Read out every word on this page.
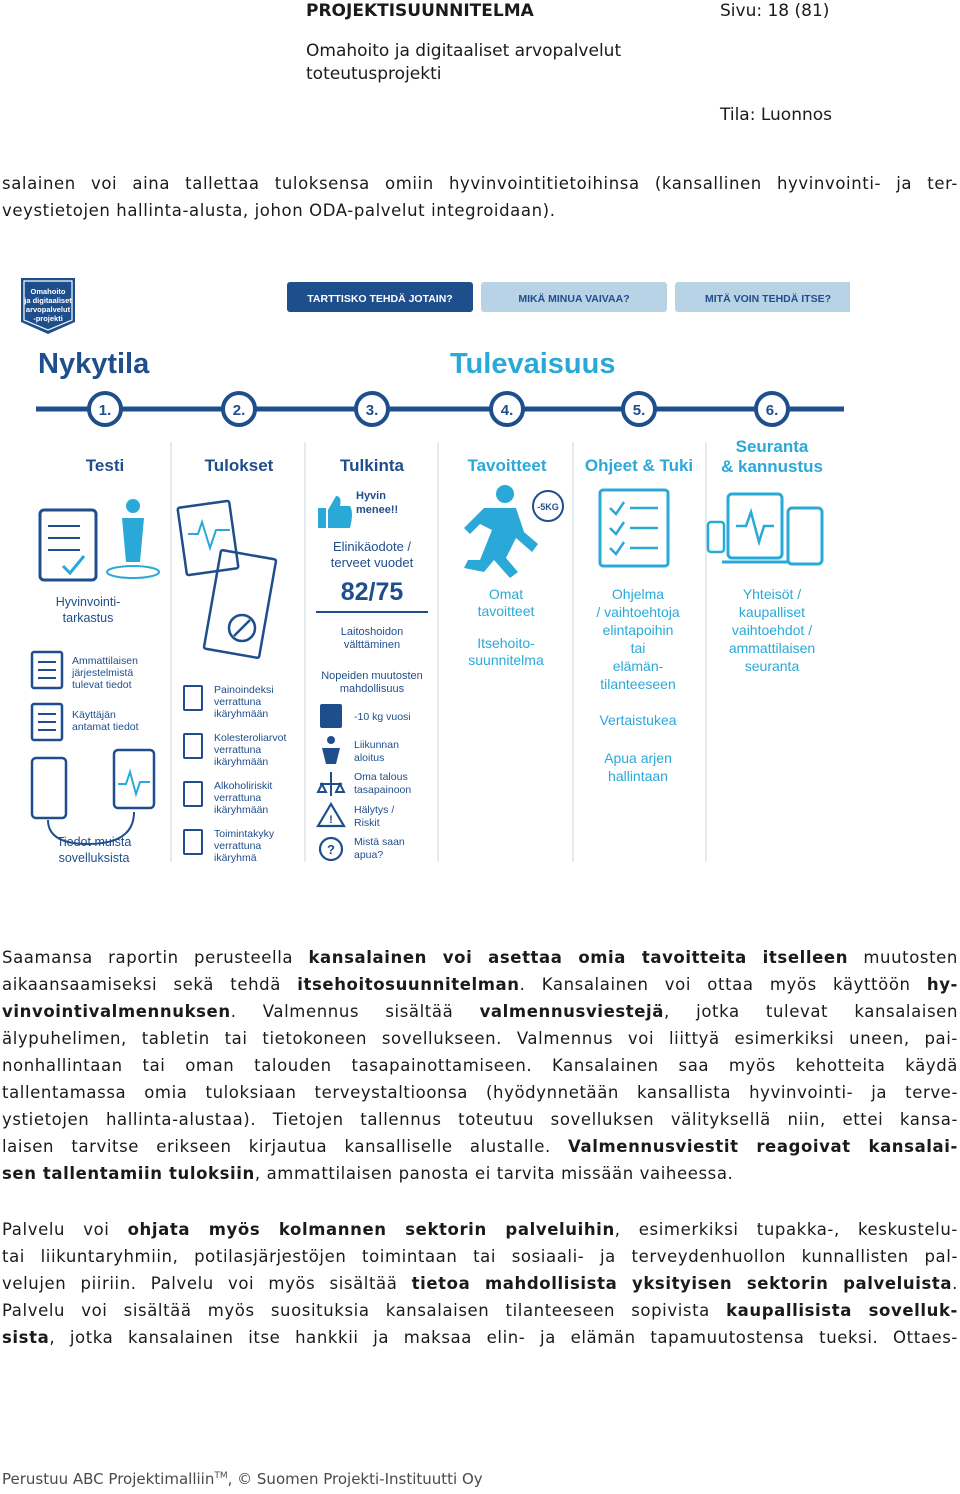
PROJEKTISUUNNITELMA	Sivu: 18 (81)
Omahoito ja digitaaliset arvopalvelut
toteutusprojekti
Tila: Luonnos
salainen voi aina tallettaa tuloksensa omiin hyvinvointitietoihinsa (kansallinen hyvinvointi- ja ter-
veystietojen hallinta-alusta, johon ODA-palvelut integroidaan).
Omahoito
ja digitaaliset
arvopalvelut
-projekti
TARTTISKO TEHDÄ JOTAIN?	MIKÄ MINUA VAIVAA?	MITÄ VOIN TEHDÄ ITSE?
Nykytila	Tulevaisuus
1.	2.	3.	4.	5.	6.
Testi	Tulokset	Tulkinta	Tavoitteet Ohjeet & Tuki
Seuranta
& kannustus
Hyvinvointi-
tarkastus
Ammattilaisen
järjestelmistä
tulevat tiedot
Käyttäjän
antamat tiedot
Tiedot muista
sovelluksista
Painoindeksi
verrattuna
ikäryhmään
Kolesteroliarvot
verrattuna
ikäryhmään
Alkoholiriskit
verrattuna
ikäryhmään
Toimintakyky
verrattuna
ikäryhmä
Hyvin
menee!!
Elinikäodote /
terveet vuodet
82/75
Laitoshoidon
välttäminen
Nopeiden muutosten
mahdollisuus
-10 kg vuosi
Liikunnan
aloitus
Oma talous
tasapainoon
!
Hälytys /
Riskit
? Mistä saan
apua?
-5KG
Omat
tavoitteet
Itsehoito-
suunnitelma
Ohjelma
/ vaihtoehtoja
elintapoihin
tai
elämän-
tilanteeseen
Vertaistukea
Apua arjen
hallintaan
Yhteisöt /
kaupalliset
vaihtoehdot /
ammattilaisen
seuranta
Saamansa raportin perusteella kansalainen voi asettaa omia tavoitteita itselleen muutosten
aikaansaamiseksi sekä tehdä itsehoitosuunnitelman. Kansalainen voi ottaa myös käyttöön hy-
vinvointivalmennuksen. Valmennus sisältää valmennusviestejä, jotka tulevat kansalaisen
älypuhelimen, tabletin tai tietokoneen sovellukseen. Valmennus voi liittyä esimerkiksi uneen, pai-
nonhallintaan tai oman talouden tasapainottamiseen. Kansalainen saa myös kehotteita käydä
tallentamassa omia tuloksiaan terveystaltioonsa (hyödynnetään kansallista hyvinvointi- ja terve-
ystietojen hallinta-alustaa). Tietojen tallennus toteutuu sovelluksen välityksellä niin, ettei kansa-
laisen tarvitse erikseen kirjautua kansalliselle alustalle. Valmennusviestit reagoivat kansalai-
sen tallentamiin tuloksiin, ammattilaisen panosta ei tarvita missään vaiheessa.
Palvelu voi ohjata myös kolmannen sektorin palveluihin, esimerkiksi tupakka-, keskustelu-
tai liikuntaryhmiin, potilasjärjestöjen toimintaan tai sosiaali- ja terveydenhuollon kunnallisten pal-
velujen piiriin. Palvelu voi myös sisältää tietoa mahdollisista yksityisen sektorin palveluista.
Palvelu voi sisältää myös suosituksia kansalaisen tilanteeseen sopivista kaupallisista sovelluk-
sista, jotka kansalainen itse hankkii ja maksaa elin- ja elämän tapamuutostensa tueksi. Ottaes-
Perustuu ABC Projektimalliin™, © Suomen Projekti-Instituutti Oy
